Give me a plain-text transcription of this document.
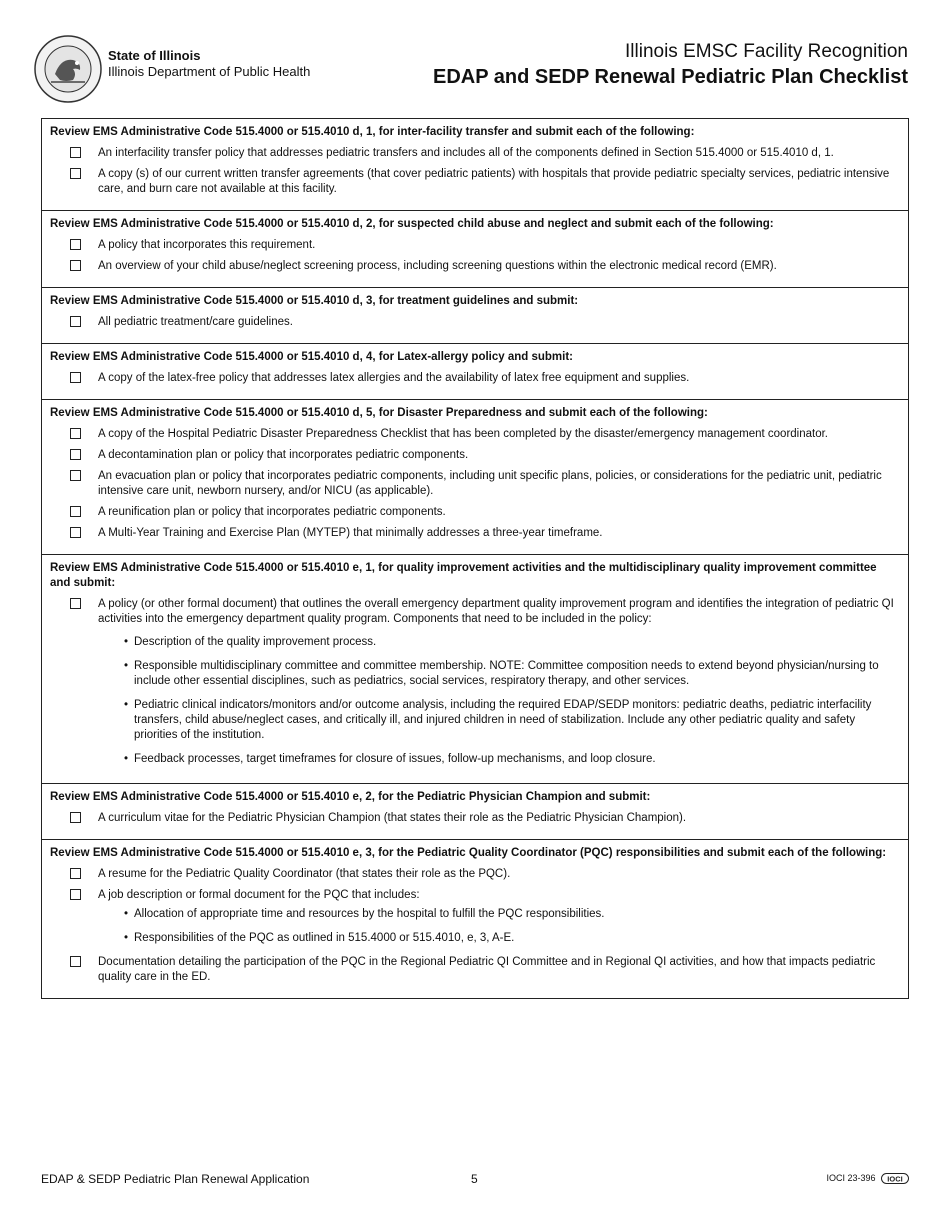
State of Illinois
Illinois Department of Public Health
Illinois EMSC Facility Recognition
EDAP and SEDP Renewal Pediatric Plan Checklist
Review EMS Administrative Code 515.4000 or 515.4010 d, 1, for inter-facility transfer and submit each of the following:
An interfacility transfer policy that addresses pediatric transfers and includes all of the components defined in Section 515.4000 or 515.4010 d, 1.
A copy (s) of our current written transfer agreements (that cover pediatric patients) with hospitals that provide pediatric specialty services, pediatric intensive care, and burn care not available at this facility.
Review EMS Administrative Code 515.4000 or 515.4010 d, 2, for suspected child abuse and neglect and submit each of the following:
A policy that incorporates this requirement.
An overview of your child abuse/neglect screening process, including screening questions within the electronic medical record (EMR).
Review EMS Administrative Code 515.4000 or 515.4010 d, 3, for treatment guidelines and submit:
All pediatric treatment/care guidelines.
Review EMS Administrative Code 515.4000 or 515.4010 d, 4, for Latex-allergy policy and submit:
A copy of the latex-free policy that addresses latex allergies and the availability of latex free equipment and supplies.
Review EMS Administrative Code 515.4000 or 515.4010 d, 5, for Disaster Preparedness and submit each of the following:
A copy of the Hospital Pediatric Disaster Preparedness Checklist that has been completed by the disaster/emergency management coordinator.
A decontamination plan or policy that incorporates pediatric components.
An evacuation plan or policy that incorporates pediatric components, including unit specific plans, policies, or considerations for the pediatric unit, pediatric intensive care unit, newborn nursery, and/or NICU (as applicable).
A reunification plan or policy that incorporates pediatric components.
A Multi-Year Training and Exercise Plan (MYTEP) that minimally addresses a three-year timeframe.
Review EMS Administrative Code 515.4000 or 515.4010 e, 1, for quality improvement activities and the multidisciplinary quality improvement committee and submit:
A policy (or other formal document) that outlines the overall emergency department quality improvement program and identifies the integration of pediatric QI activities into the emergency department quality program. Components that need to be included in the policy:
• Description of the quality improvement process.
• Responsible multidisciplinary committee and committee membership. NOTE: Committee composition needs to extend beyond physician/nursing to include other essential disciplines, such as pediatrics, social services, respiratory therapy, and other services.
• Pediatric clinical indicators/monitors and/or outcome analysis, including the required EDAP/SEDP monitors: pediatric deaths, pediatric interfacility transfers, child abuse/neglect cases, and critically ill, and injured children in need of stabilization. Include any other pediatric quality and safety priorities of the institution.
• Feedback processes, target timeframes for closure of issues, follow-up mechanisms, and loop closure.
Review EMS Administrative Code 515.4000 or 515.4010 e, 2, for the Pediatric Physician Champion and submit:
A curriculum vitae for the Pediatric Physician Champion (that states their role as the Pediatric Physician Champion).
Review EMS Administrative Code 515.4000 or 515.4010 e, 3, for the Pediatric Quality Coordinator (PQC) responsibilities and submit each of the following:
A resume for the Pediatric Quality Coordinator (that states their role as the PQC).
A job description or formal document for the PQC that includes:
• Allocation of appropriate time and resources by the hospital to fulfill the PQC responsibilities.
• Responsibilities of the PQC as outlined in 515.4000 or 515.4010, e, 3, A-E.
Documentation detailing the participation of the PQC in the Regional Pediatric QI Committee and in Regional QI activities, and how that impacts pediatric quality care in the ED.
EDAP & SEDP Pediatric Plan Renewal Application	5	IOCI 23-396 IOCI
